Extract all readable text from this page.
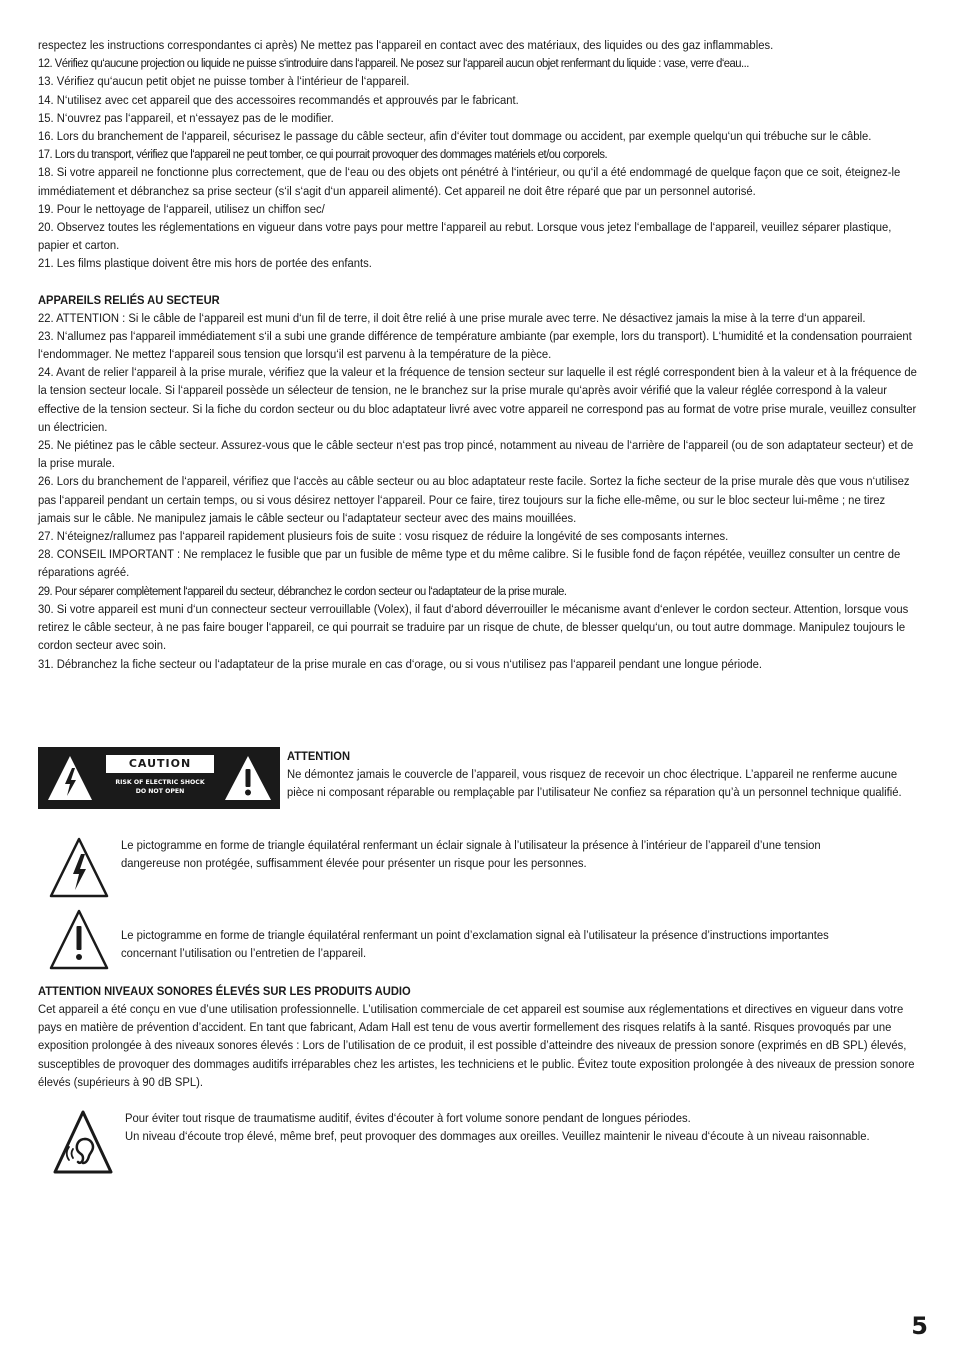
respectez les instructions correspondantes ci après) Ne mettez pas l‘appareil en contact avec des matériaux, des liquides ou des gaz inflammables.

12. Vérifiez qu‘aucune projection ou liquide ne puisse s‘introduire dans l‘appareil. Ne posez sur l‘appareil aucun objet renfermant du liquide : vase, verre d‘eau...

13. Vérifiez qu‘aucun petit objet ne puisse tomber à l‘intérieur de l‘appareil.

14. N‘utilisez avec cet appareil que des accessoires recommandés et approuvés par le fabricant.

15. N‘ouvrez pas l‘appareil, et n‘essayez pas de le modifier.

16. Lors du branchement de l‘appareil, sécurisez le passage du câble secteur, afin d‘éviter tout dommage ou accident, par exemple quelqu‘un qui trébuche sur le câble.

17. Lors du transport, vérifiez que l‘appareil ne peut tomber, ce qui pourrait provoquer des dommages matériels et/ou corporels.

18. Si votre appareil ne fonctionne plus correctement, que de l‘eau ou des objets ont pénétré à l‘intérieur, ou qu‘il a été endommagé de quelque façon que ce soit, éteignez-le immédiatement et débranchez sa prise secteur (s‘il s‘agit d‘un appareil alimenté). Cet appareil ne doit être réparé que par un personnel autorisé.

19. Pour le nettoyage de l‘appareil, utilisez un chiffon sec/

20. Observez toutes les réglementations en vigueur dans votre pays pour mettre l‘appareil au rebut. Lorsque vous jetez l‘emballage de l‘appareil, veuillez séparer plastique, papier et carton.

21. Les films plastique doivent être mis hors de portée des enfants.

APPAREILS RELIÉS AU SECTEUR

22. ATTENTION : Si le câble de l‘appareil est muni d‘un fil de terre, il doit être relié à une prise murale avec terre. Ne désactivez jamais la mise à la terre d‘un appareil.

23. N‘allumez pas l‘appareil immédiatement s‘il a subi une grande différence de température ambiante (par exemple, lors du transport). L‘humidité et la condensation pourraient l‘endommager. Ne mettez l‘appareil sous tension que lorsqu‘il est parvenu à la température de la pièce.

24. Avant de relier l‘appareil à la prise murale, vérifiez que la valeur et la fréquence de tension secteur sur laquelle il est réglé correspondent bien à la valeur et à la fréquence de la tension secteur locale. Si l‘appareil possède un sélecteur de tension, ne le branchez sur la prise murale qu‘après avoir vérifié que la valeur réglée correspond à la valeur effective de la tension secteur. Si la fiche du cordon secteur ou du bloc adaptateur livré avec votre appareil ne correspond pas au format de votre prise murale, veuillez consulter un électricien.

25. Ne piétinez pas le câble secteur. Assurez-vous que le câble secteur n‘est pas trop pincé, notamment au niveau de l‘arrière de l‘appareil (ou de son adaptateur secteur) et de la prise murale.

26. Lors du branchement de l‘appareil, vérifiez que l‘accès au câble secteur ou au bloc adaptateur reste facile. Sortez la fiche secteur de la prise murale dès que vous n‘utilisez pas l‘appareil pendant un certain temps, ou si vous désirez nettoyer l‘appareil. Pour ce faire, tirez toujours sur la fiche elle-même, ou sur le bloc secteur lui-même ; ne tirez jamais sur le câble. Ne manipulez jamais le câble secteur ou l‘adaptateur secteur avec des mains mouillées.

27. N‘éteignez/rallumez pas l‘appareil rapidement plusieurs fois de suite : vosu risquez de réduire la longévité de ses composants internes.

28. CONSEIL IMPORTANT : Ne remplacez le fusible que par un fusible de même type et du même calibre. Si le fusible fond de façon répétée, veuillez consulter un centre de réparations agréé.

29. Pour séparer complètement l‘appareil du secteur, débranchez le cordon secteur ou l‘adaptateur de la prise murale.

30. Si votre appareil est muni d‘un connecteur secteur verrouillable (Volex), il faut d‘abord déverrouiller le mécanisme avant d‘enlever le cordon secteur. Attention, lorsque vous retirez le câble secteur, à ne pas faire bouger l‘appareil, ce qui pourrait se traduire par un risque de chute, de blesser quelqu‘un, ou tout autre dommage. Manipulez toujours le cordon secteur avec soin.

31. Débranchez la fiche secteur ou l‘adaptateur de la prise murale en cas d‘orage, ou si vous n‘utilisez pas l‘appareil pendant une longue période.

CAUTION
RISK OF ELECTRIC SHOCK
DO NOT OPEN

ATTENTION

Ne démontez jamais le couvercle de l’appareil, vous risquez de recevoir un choc électrique. L’appareil ne renferme aucune pièce ni composant réparable ou remplaçable par l’utilisateur Ne confiez sa réparation qu’à un personnel technique qualifié.

Le pictogramme en forme de triangle équilatéral renfermant un éclair signale à l’utilisateur la présence à l’intérieur de l’appareil d’une tension dangereuse non protégée, suffisamment élevée pour présenter un risque pour les personnes.

Le pictogramme en forme de triangle équilatéral renfermant un point d’exclamation signal eà l’utilisateur la présence d’instructions importantes concernant l’utilisation ou l’entretien de l’appareil.

ATTENTION NIVEAUX SONORES ÉLEVÉS SUR LES PRODUITS AUDIO

Cet appareil a été conçu en vue d’une utilisation professionnelle. L’utilisation commerciale de cet appareil est soumise aux réglementations et directives en vigueur dans votre pays en matière de prévention d’accident. En tant que fabricant, Adam Hall est tenu de vous avertir formellement des risques relatifs à la santé. Risques provoqués par une exposition prolongée à des niveaux sonores élevés : Lors de l’utilisation de ce produit, il est possible d’atteindre des niveaux de pression sonore (exprimés en dB SPL) élevés, susceptibles de provoquer des dommages auditifs irréparables chez les artistes, les techniciens et le public. Évitez toute exposition prolongée à des niveaux de pression sonore élevés (supérieurs à 90 dB SPL).

Pour éviter tout risque de traumatisme auditif, évites d‘écouter à fort volume sonore pendant de longues périodes.

Un niveau d‘écoute trop élevé, même bref, peut provoquer des dommages aux oreilles. Veuillez maintenir le niveau d‘écoute à un niveau raisonnable.

5
